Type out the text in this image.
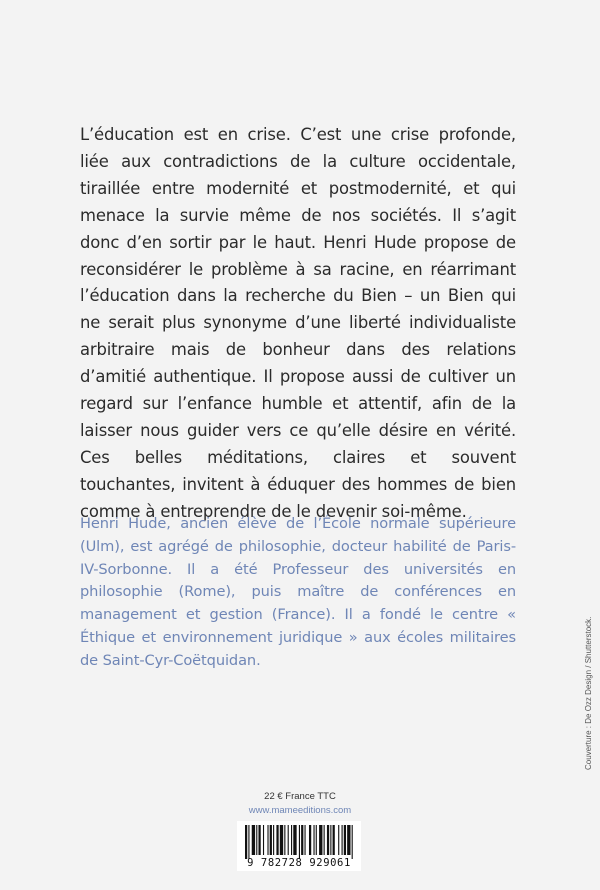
L’éducation est en crise. C’est une crise profonde, liée aux contradictions de la culture occidentale, tiraillée entre modernité et postmodernité, et qui menace la survie même de nos sociétés. Il s’agit donc d’en sortir par le haut. Henri Hude propose de reconsidérer le problème à sa racine, en réarrimant l’éducation dans la recherche du Bien – un Bien qui ne serait plus synonyme d’une liberté individualiste arbitraire mais de bonheur dans des relations d’amitié authentique. Il propose aussi de cultiver un regard sur l’enfance humble et attentif, afin de la laisser nous guider vers ce qu’elle désire en vérité. Ces belles méditations, claires et souvent touchantes, invitent à éduquer des hommes de bien comme à entreprendre de le devenir soi-même.

Henri Hude, ancien élève de l’École normale supérieure (Ulm), est agrégé de philosophie, docteur habilité de Paris-IV-Sorbonne. Il a été Professeur des universités en philosophie (Rome), puis maître de conférences en management et gestion (France). Il a fondé le centre « Éthique et environnement juridique » aux écoles militaires de Saint-Cyr-Coëtquidan.

22 € France TTC

www.mameeditions.com

9 782728 929061

Couverture : De Ozz Design / Shutterstock.
